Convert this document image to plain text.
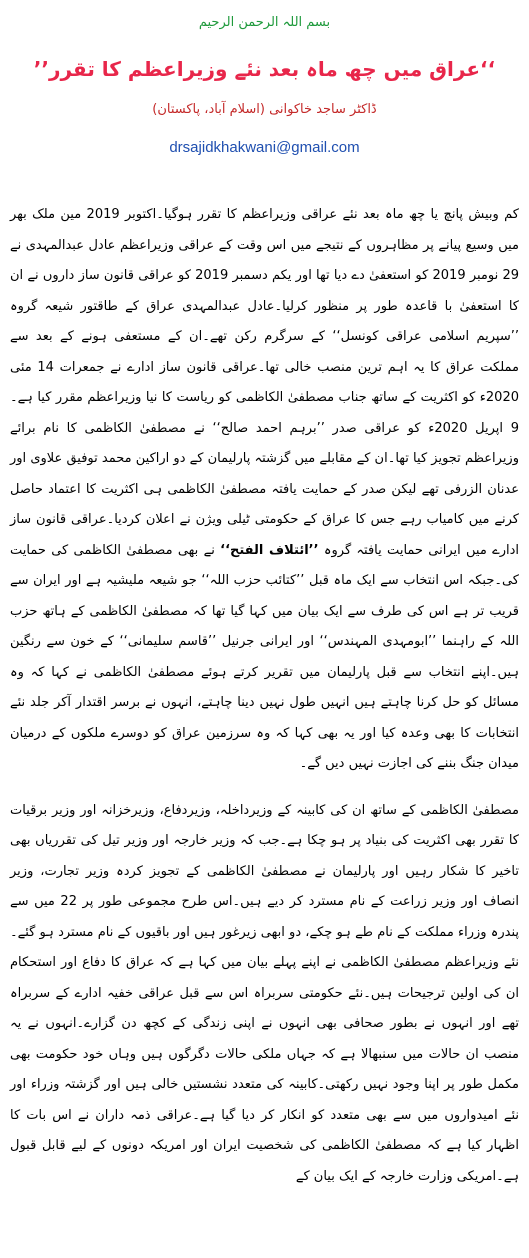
بسم اللہ الرحمن الرحیم
’’عراق میں چھ ماہ بعد نئے وزیراعظم کا تقرر‘‘
ڈاکٹر ساجد خاکوانی (اسلام آباد، پاکستان)
drsajidkhakwani@gmail.com

کم وبیش پانچ یا چھ ماہ بعد نئے عراقی وزیراعظم کا تقرر ہوگیا۔اکتوبر 2019 مین ملک بھر میں وسیع پیانے پر مظاہروں کے نتیجے میں اس وقت کے عراقی وزیراعظم عادل عبدالمہدی نے 29 نومبر 2019 کو استعفیٰ دے دیا تھا اور یکم دسمبر 2019 کو عراقی قانون ساز داروں نے ان کا استعفیٰ با قاعدہ طور پر منظور کرلیا۔عادل عبدالمہدی عراق کے طاقتور شیعہ گروہ ’’سپریم اسلامی عراقی کونسل‘‘ کے سرگرم رکن تھے۔ان کے مستعفی ہونے کے بعد سے مملکت عراق کا یہ اہم ترین منصب خالی تھا۔عراقی قانون ساز ادارے نے جمعرات 14 مئی 2020ء کو اکثریت کے ساتھ جناب مصطفیٰ الکاظمی کو ریاست کا نیا وزیراعظم مقرر کیا ہے۔9 اپریل 2020ء کو عراقی صدر ’’برہم احمد صالح‘‘ نے مصطفیٰ الکاظمی کا نام برائے وزیراعظم تجویز کیا تھا۔ان کے مقابلے میں گزشتہ پارلیمان کے دو اراکین محمد توفیق علاوی اور عدنان الزرفی تھے لیکن صدر کے حمایت یافتہ مصطفیٰ الکاظمی ہی اکثریت کا اعتماد حاصل کرنے میں کامیاب رہے جس کا عراق کے حکومتی ٹیلی ویژن نے اعلان کردیا۔عراقی قانون ساز ادارے میں ایرانی حمایت یافتہ گروہ ’’ائتلاف الفتح‘‘ نے بھی مصطفیٰ الکاظمی کی حمایت کی۔جبکہ اس انتخاب سے ایک ماہ قبل ’’کتائب حزب اللہ‘‘ جو شیعہ ملیشیہ ہے اور ایران سے قریب تر ہے اس کی طرف سے ایک بیان میں کہا گیا تھا کہ مصطفیٰ الکاظمی کے ہاتھ حزب اللہ کے راہنما ’’ابومہدی المہندس‘‘ اور ایرانی جرنیل ’’قاسم سلیمانی‘‘ کے خون سے رنگین ہیں۔اپنے انتخاب سے قبل پارلیمان میں تقریر کرتے ہوئے مصطفیٰ الکاظمی نے کہا کہ وہ مسائل کو حل کرنا چاہتے ہیں انہیں طول نہیں دینا چاہتے، انہوں نے برسر اقتدار آکر جلد نئے انتخابات کا بھی وعدہ کیا اور یہ بھی کہا کہ وہ سرزمین عراق کو دوسرے ملکوں کے درمیان میدان جنگ بننے کی اجازت نہیں دیں گے۔

مصطفیٰ الکاظمی کے ساتھ ان کی کابینہ کے وزیرداخلہ، وزیردفاع، وزیرخزانہ اور وزیر برقیات کا تقرر بھی اکثریت کی بنیاد پر ہو چکا ہے۔جب کہ وزیر خارجہ اور وزیر تیل کی تقرریاں بھی تاخیر کا شکار رہیں اور پارلیمان نے مصطفیٰ الکاظمی کے تجویز کردہ وزیر تجارت، وزیر انصاف اور وزیر زراعت کے نام مسترد کر دیے ہیں۔اس طرح مجموعی طور پر 22 میں سے پندرہ وزراء مملکت کے نام طے ہو چکے، دو ابھی زیرغور ہیں اور باقیوں کے نام مسترد ہو گئے۔نئے وزیراعظم مصطفیٰ الکاظمی نے اپنے پہلے بیان میں کہا ہے کہ عراق کا دفاع اور استحکام ان کی اولین ترجیحات ہیں۔نئے حکومتی سربراہ اس سے قبل عراقی خفیہ ادارے کے سربراہ تھے اور انہوں نے بطور صحافی بھی انہوں نے اپنی زندگی کے کچھ دن گزارے۔انہوں نے یہ منصب ان حالات میں سنبھالا ہے کہ جہاں ملکی حالات دگرگوں ہیں وہاں خود حکومت بھی مکمل طور پر اپنا وجود نہیں رکھتی۔کابینہ کی متعدد نشستیں خالی ہیں اور گزشتہ وزراء اور نئے امیدواروں میں سے بھی متعدد کو انکار کر دیا گیا ہے۔عراقی ذمہ داران نے اس بات کا اظہار کیا ہے کہ مصطفیٰ الکاظمی کی شخصیت ایران اور امریکہ دونوں کے لیے قابل قبول ہے۔امریکی وزارت خارجہ کے ایک بیان کے
